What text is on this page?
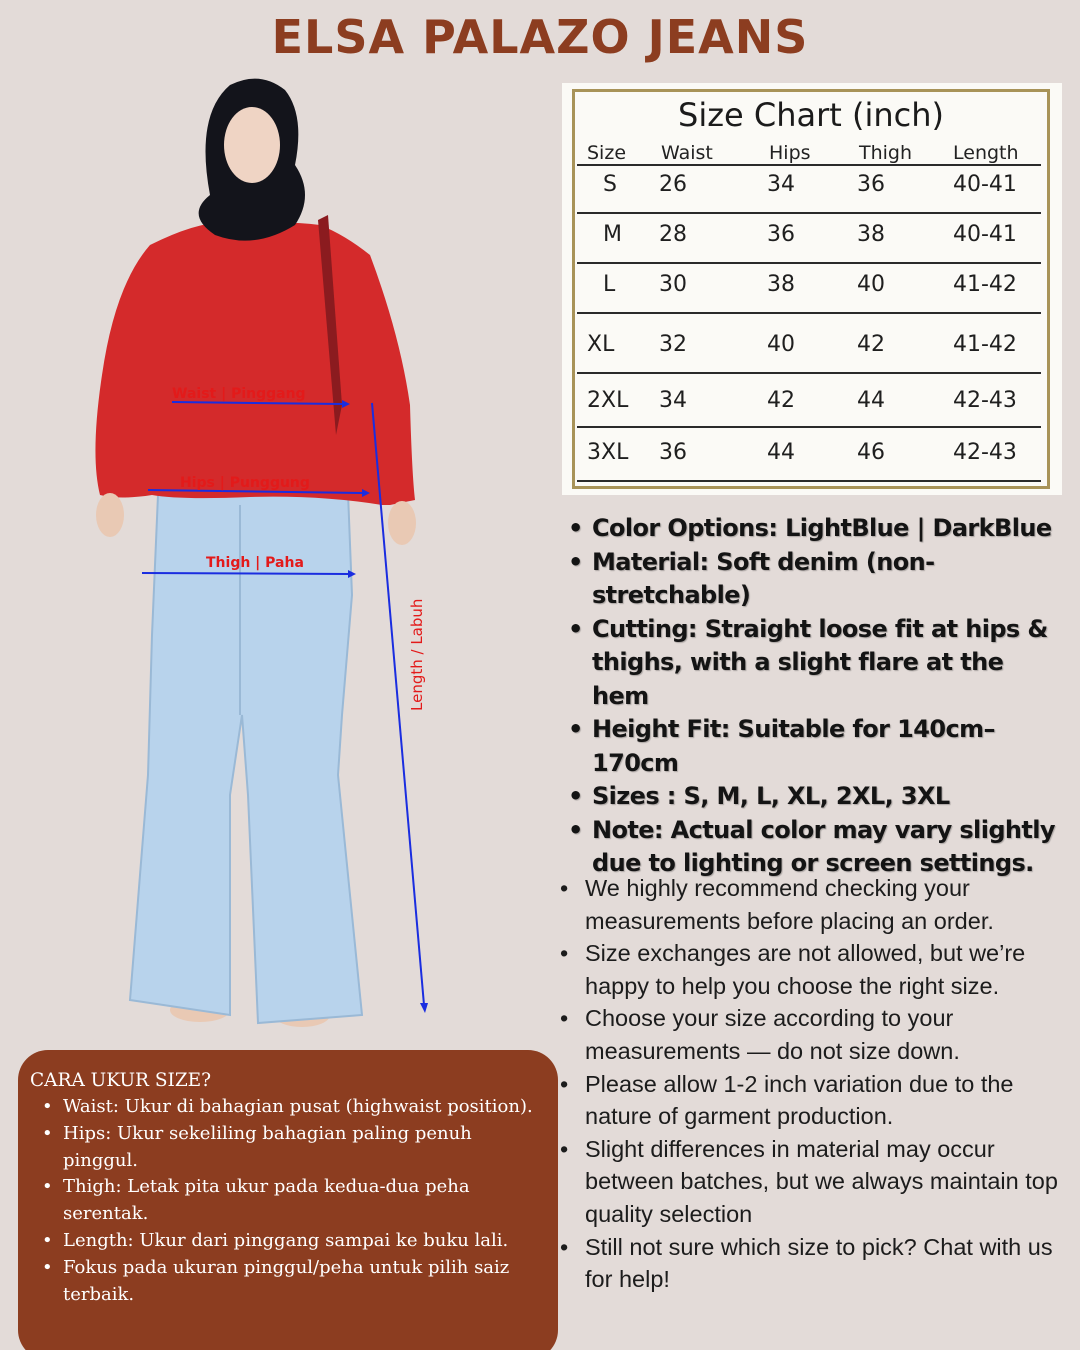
ELSA PALAZO JEANS
Waist | Pinggang
Hips | Punggung
Thigh | Paha
Length / Labuh
Size Chart (inch)
Size Waist	Hips	Thigh Length
S 26	34	36	40-41
M 28	36	38	40-41
L 30	38	40	41-42
XL 32	40	42	41-42
2XL 34	42	44	42-43
3XL 36	44	46	42-43
• Color Options: LightBlue | DarkBlue
• Material: Soft denim (non-stretchable)
• Cutting: Straight loose fit at hips & thighs, with a slight flare at the hem
• Height Fit: Suitable for 140cm–170cm
• Sizes : S, M, L, XL, 2XL, 3XL
• Note: Actual color may vary slightly due to lighting or screen settings.
• We highly recommend checking your measurements before placing an order.
• Size exchanges are not allowed, but we’re happy to help you choose the right size.
• Choose your size according to your measurements — do not size down.
• Please allow 1-2 inch variation due to the nature of garment production.
• Slight differences in material may occur between batches, but we always maintain top quality selection
• Still not sure which size to pick? Chat with us for help!
CARA UKUR SIZE?
• Waist: Ukur di bahagian pusat (highwaist position).
• Hips: Ukur sekeliling bahagian paling penuh pinggul.
• Thigh: Letak pita ukur pada kedua-dua peha serentak.
• Length: Ukur dari pinggang sampai ke buku lali.
• Fokus pada ukuran pinggul/peha untuk pilih saiz terbaik.
